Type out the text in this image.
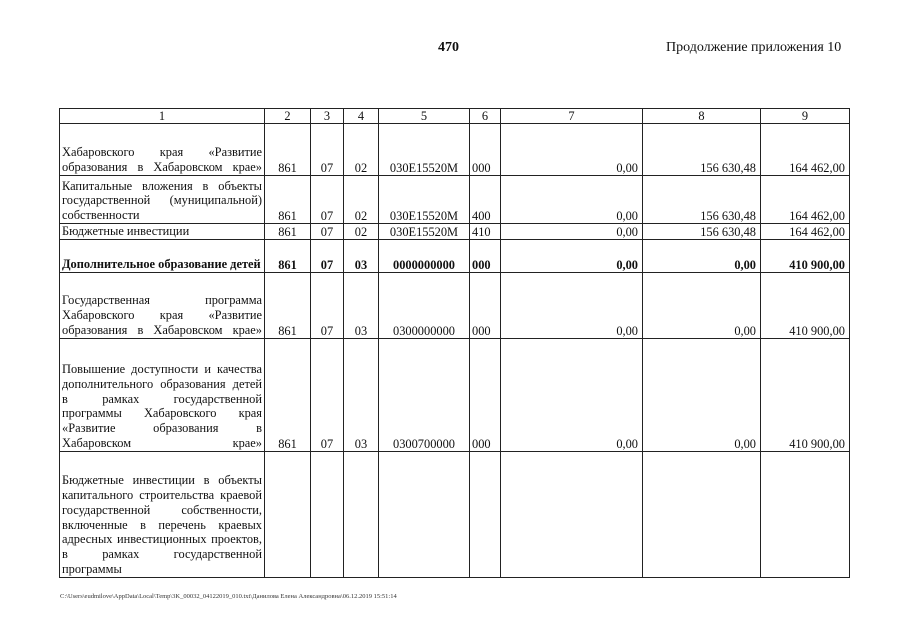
470	Продолжение приложения 10
1	2	3	4	5	6	7	8	9
Хабаровского края «Развитие образования в Хабаровском крае»	861	07	02	030E15520M	000	0,00	156 630,48	164 462,00
Капитальные вложения в объекты государственной (муниципальной) собственности	861	07	02	030E15520M	400	0,00	156 630,48	164 462,00
Бюджетные инвестиции	861	07	02	030E15520M	410	0,00	156 630,48	164 462,00
Дополнительное образование детей	861	07	03	0000000000	000	0,00	0,00	410 900,00
Государственная программа Хабаровского края «Развитие образования в Хабаровском крае»	861	07	03	0300000000	000	0,00	0,00	410 900,00
Повышение доступности и качества дополнительного образования детей в рамках государственной программы Хабаровского края «Развитие образования в Хабаровском крае»	861	07	03	0300700000	000	0,00	0,00	410 900,00
Бюджетные инвестиции в объекты капитального строительства краевой государственной собственности, включенные в перечень краевых адресных инвестиционных проектов, в рамках государственной программы								
C:\Users\eudmilove\AppData\Local\Temp\3K_00032_04122019_010.txt\Данилова Елена Александровна\06.12.2019 15:51:14
